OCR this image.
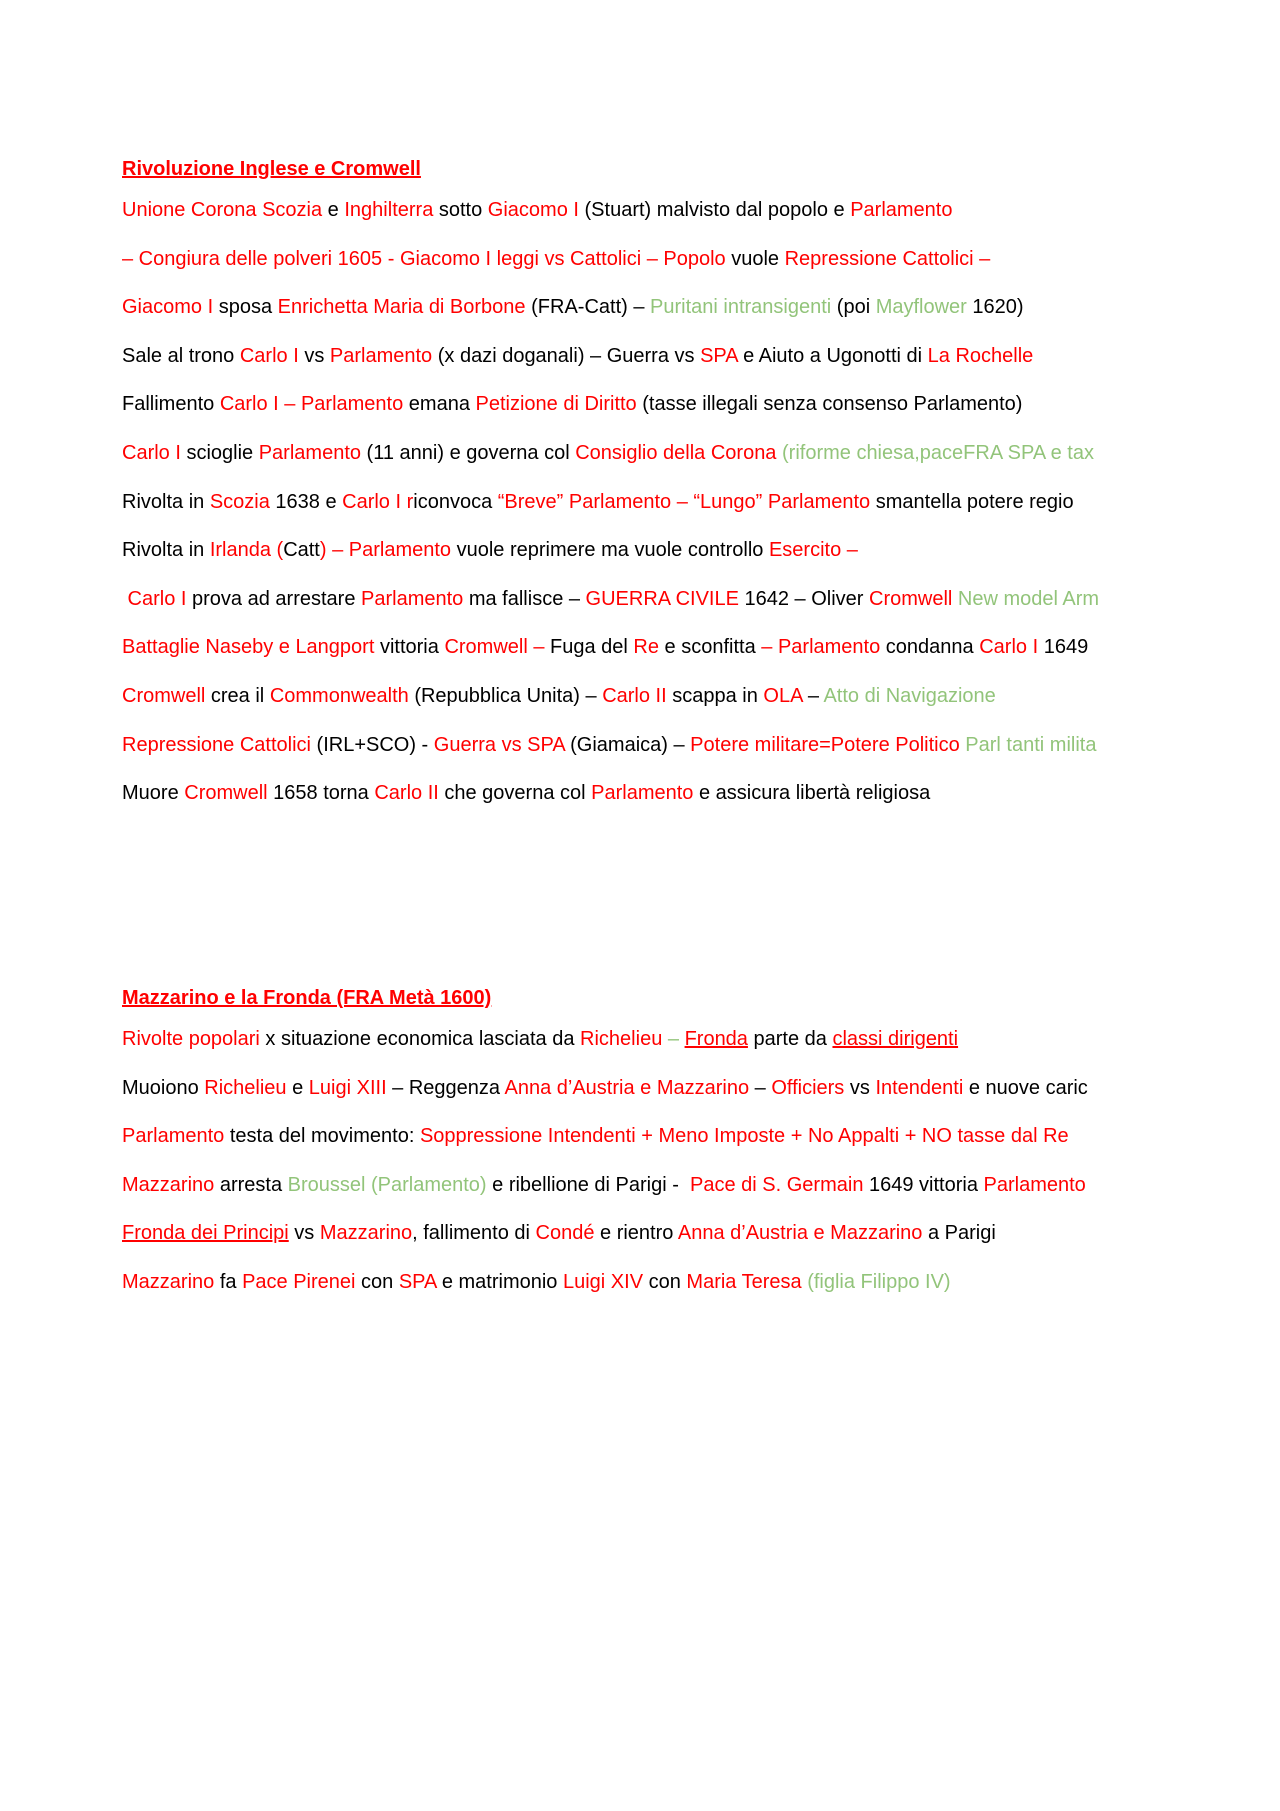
Rivoluzione Inglese e Cromwell
Unione Corona Scozia e Inghilterra sotto Giacomo I (Stuart) malvisto dal popolo e Parlamento
– Congiura delle polveri 1605 - Giacomo I leggi vs Cattolici – Popolo vuole Repressione Cattolici –
Giacomo I sposa Enrichetta Maria di Borbone (FRA-Catt) – Puritani intransigenti (poi Mayflower 1620)
Sale al trono Carlo I vs Parlamento (x dazi doganali) – Guerra vs SPA e Aiuto a Ugonotti di La Rochelle
Fallimento Carlo I – Parlamento emana Petizione di Diritto (tasse illegali senza consenso Parlamento)
Carlo I scioglie Parlamento (11 anni) e governa col Consiglio della Corona (riforme chiesa,paceFRA SPA e tax
Rivolta in Scozia 1638 e Carlo I riconvoca “Breve” Parlamento – “Lungo” Parlamento smantella potere regio
Rivolta in Irlanda (Catt) – Parlamento vuole reprimere ma vuole controllo Esercito –
Carlo I prova ad arrestare Parlamento ma fallisce – GUERRA CIVILE 1642 – Oliver Cromwell New model Arm
Battaglie Naseby e Langport vittoria Cromwell – Fuga del Re e sconfitta – Parlamento condanna Carlo I 1649
Cromwell crea il Commonwealth (Repubblica Unita) – Carlo II scappa in OLA – Atto di Navigazione
Repressione Cattolici (IRL+SCO) - Guerra vs SPA (Giamaica) – Potere militare=Potere Politico Parl tanti milita
Muore Cromwell 1658 torna Carlo II che governa col Parlamento e assicura libertà religiosa
Mazzarino e la Fronda (FRA Metà 1600)
Rivolte popolari x situazione economica lasciata da Richelieu – Fronda parte da classi dirigenti
Muoiono Richelieu e Luigi XIII – Reggenza Anna d’Austria e Mazzarino – Officiers vs Intendenti e nuove caric
Parlamento testa del movimento: Soppressione Intendenti + Meno Imposte + No Appalti + NO tasse dal Re
Mazzarino arresta Broussel (Parlamento) e ribellione di Parigi -  Pace di S. Germain 1649 vittoria Parlamento
Fronda dei Principi vs Mazzarino, fallimento di Condé e rientro Anna d’Austria e Mazzarino a Parigi
Mazzarino fa Pace Pirenei con SPA e matrimonio Luigi XIV con Maria Teresa (figlia Filippo IV)
